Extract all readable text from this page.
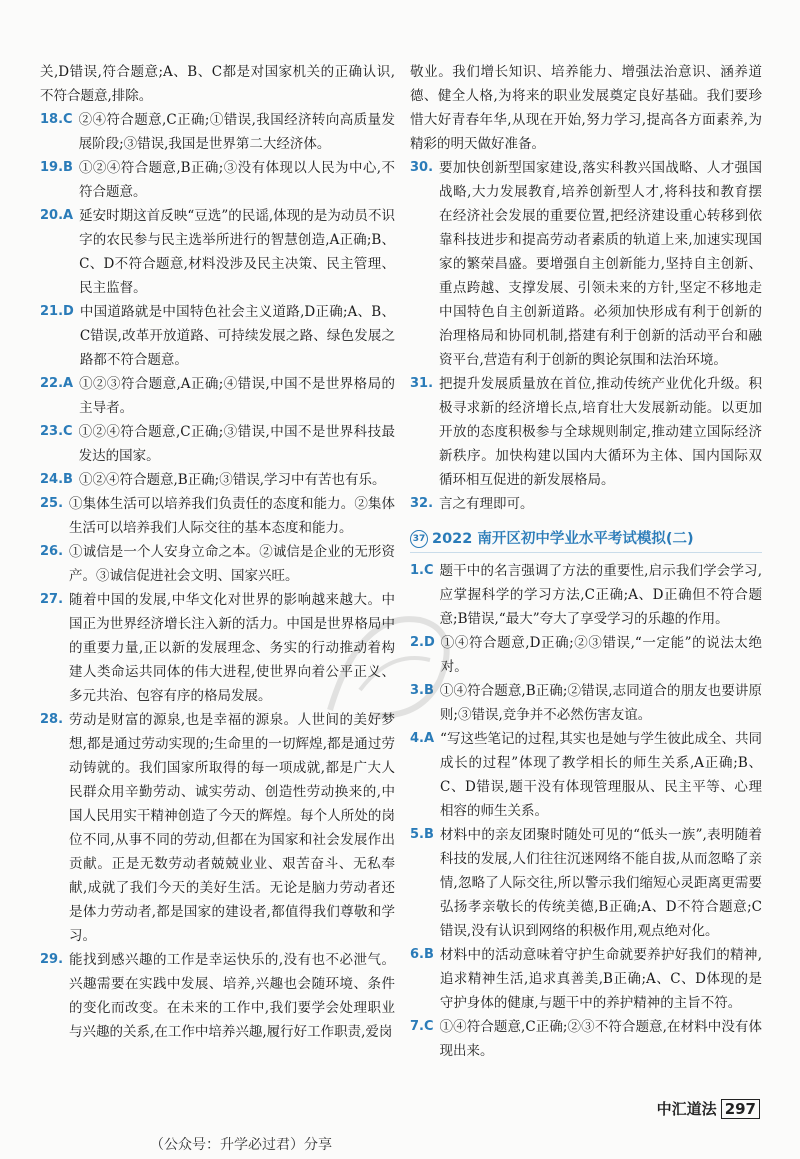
关,D错误,符合题意;A、B、C都是对国家机关的正确认识,不符合题意,排除。
18.C ②④符合题意,C正确;①错误,我国经济转向高质量发展阶段;③错误,我国是世界第二大经济体。
19.B ①②④符合题意,B正确;③没有体现以人民为中心,不符合题意。
20.A 延安时期这首反映“豆选”的民谣,体现的是为动员不识字的农民参与民主选举所进行的智慧创造,A正确;B、C、D不符合题意,材料没涉及民主决策、民主管理、民主监督。
21.D 中国道路就是中国特色社会主义道路,D正确;A、B、C错误,改革开放道路、可持续发展之路、绿色发展之路都不符合题意。
22.A ①②③符合题意,A正确;④错误,中国不是世界格局的主导者。
23.C ①②④符合题意,C正确;③错误,中国不是世界科技最发达的国家。
24.B ①②④符合题意,B正确;③错误,学习中有苦也有乐。
25. ①集体生活可以培养我们负责任的态度和能力。②集体生活可以培养我们人际交往的基本态度和能力。
26. ①诚信是一个人安身立命之本。②诚信是企业的无形资产。③诚信促进社会文明、国家兴旺。
27. 随着中国的发展,中华文化对世界的影响越来越大。中国正为世界经济增长注入新的活力。中国是世界格局中的重要力量,正以新的发展理念、务实的行动推动着构建人类命运共同体的伟大进程,使世界向着公平正义、多元共治、包容有序的格局发展。
28. 劳动是财富的源泉,也是幸福的源泉。人世间的美好梦想,都是通过劳动实现的;生命里的一切辉煌,都是通过劳动铸就的。我们国家所取得的每一项成就,都是广大人民群众用辛勤劳动、诚实劳动、创造性劳动换来的,中国人民用实干精神创造了今天的辉煌。每个人所处的岗位不同,从事不同的劳动,但都在为国家和社会发展作出贡献。正是无数劳动者兢兢业业、艰苦奋斗、无私奉献,成就了我们今天的美好生活。无论是脑力劳动者还是体力劳动者,都是国家的建设者,都值得我们尊敬和学习。
29. 能找到感兴趣的工作是幸运快乐的,没有也不必泄气。兴趣需要在实践中发展、培养,兴趣也会随环境、条件的变化而改变。在未来的工作中,我们要学会处理职业与兴趣的关系,在工作中培养兴趣,履行好工作职责,爱岗
敬业。我们增长知识、培养能力、增强法治意识、涵养道德、健全人格,为将来的职业发展奠定良好基础。我们要珍惜大好青春年华,从现在开始,努力学习,提高各方面素养,为精彩的明天做好准备。
30. 要加快创新型国家建设,落实科教兴国战略、人才强国战略,大力发展教育,培养创新型人才,将科技和教育摆在经济社会发展的重要位置,把经济建设重心转移到依靠科技进步和提高劳动者素质的轨道上来,加速实现国家的繁荣昌盛。要增强自主创新能力,坚持自主创新、重点跨越、支撑发展、引领未来的方针,坚定不移地走中国特色自主创新道路。必须加快形成有利于创新的治理格局和协同机制,搭建有利于创新的活动平台和融资平台,营造有利于创新的舆论氛围和法治环境。
31. 把提升发展质量放在首位,推动传统产业优化升级。积极寻求新的经济增长点,培育壮大发展新动能。以更加开放的态度积极参与全球规则制定,推动建立国际经济新秩序。加快构建以国内大循环为主体、国内国际双循环相互促进的新发展格局。
32. 言之有理即可。
37 2022 南开区初中学业水平考试模拟(二)
1.C 题干中的名言强调了方法的重要性,启示我们学会学习,应掌握科学的学习方法,C正确;A、D正确但不符合题意;B错误,“最大”夸大了享受学习的乐趣的作用。
2.D ①④符合题意,D正确;②③错误,“一定能”的说法太绝对。
3.B ①④符合题意,B正确;②错误,志同道合的朋友也要讲原则;③错误,竞争并不必然伤害友谊。
4.A “写这些笔记的过程,其实也是她与学生彼此成全、共同成长的过程”体现了教学相长的师生关系,A正确;B、C、D错误,题干没有体现管理服从、民主平等、心理相容的师生关系。
5.B 材料中的亲友团聚时随处可见的“低头一族”,表明随着科技的发展,人们往往沉迷网络不能自拔,从而忽略了亲情,忽略了人际交往,所以警示我们缩短心灵距离更需要弘扬孝亲敬长的传统美德,B正确;A、D不符合题意;C错误,没有认识到网络的积极作用,观点绝对化。
6.B 材料中的活动意味着守护生命就要养护好我们的精神,追求精神生活,追求真善美,B正确;A、C、D体现的是守护身体的健康,与题干中的养护精神的主旨不符。
7.C ①④符合题意,C正确;②③不符合题意,在材料中没有体现出来。
中汇道法 297
（公众号：升学必过君）分享
